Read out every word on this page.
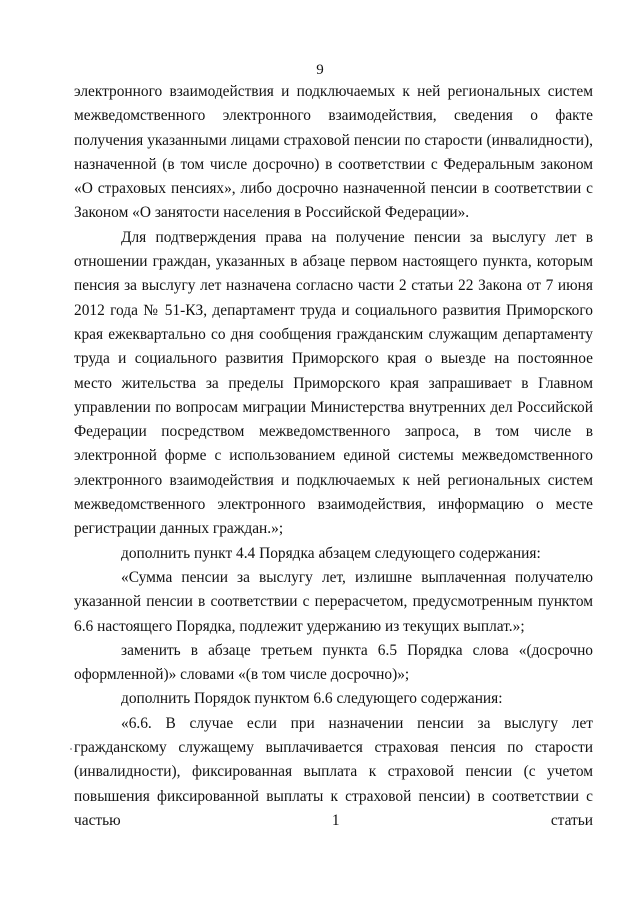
9

электронного взаимодействия и подключаемых к ней региональных систем межведомственного электронного взаимодействия, сведения о факте получения указанными лицами страховой пенсии по старости (инвалидности), назначенной (в том числе досрочно) в соответствии с Федеральным законом «О страховых пенсиях», либо досрочно назначенной пенсии в соответствии с Законом «О занятости населения в Российской Федерации».

Для подтверждения права на получение пенсии за выслугу лет в отношении граждан, указанных в абзаце первом настоящего пункта, которым пенсия за выслугу лет назначена согласно части 2 статьи 22 Закона от 7 июня 2012 года № 51-КЗ, департамент труда и социального развития Приморского края ежеквартально со дня сообщения гражданским служащим департаменту труда и социального развития Приморского края о выезде на постоянное место жительства за пределы Приморского края запрашивает в Главном управлении по вопросам миграции Министерства внутренних дел Российской Федерации посредством межведомственного запроса, в том числе в электронной форме с использованием единой системы межведомственного электронного взаимодействия и подключаемых к ней региональных систем межведомственного электронного взаимодействия, информацию о месте регистрации данных граждан.»;

дополнить пункт 4.4 Порядка абзацем следующего содержания:

«Сумма пенсии за выслугу лет, излишне выплаченная получателю указанной пенсии в соответствии с перерасчетом, предусмотренным пунктом 6.6 настоящего Порядка, подлежит удержанию из текущих выплат.»;

заменить в абзаце третьем пункта 6.5 Порядка слова «(досрочно оформленной)» словами «(в том числе досрочно)»;

дополнить Порядок пунктом 6.6 следующего содержания:

«6.6. В случае если при назначении пенсии за выслугу лет гражданскому служащему выплачивается страховая пенсия по старости (инвалидности), фиксированная выплата к страховой пенсии (с учетом повышения фиксированной выплаты к страховой пенсии) в соответствии с частью 1 статьи
